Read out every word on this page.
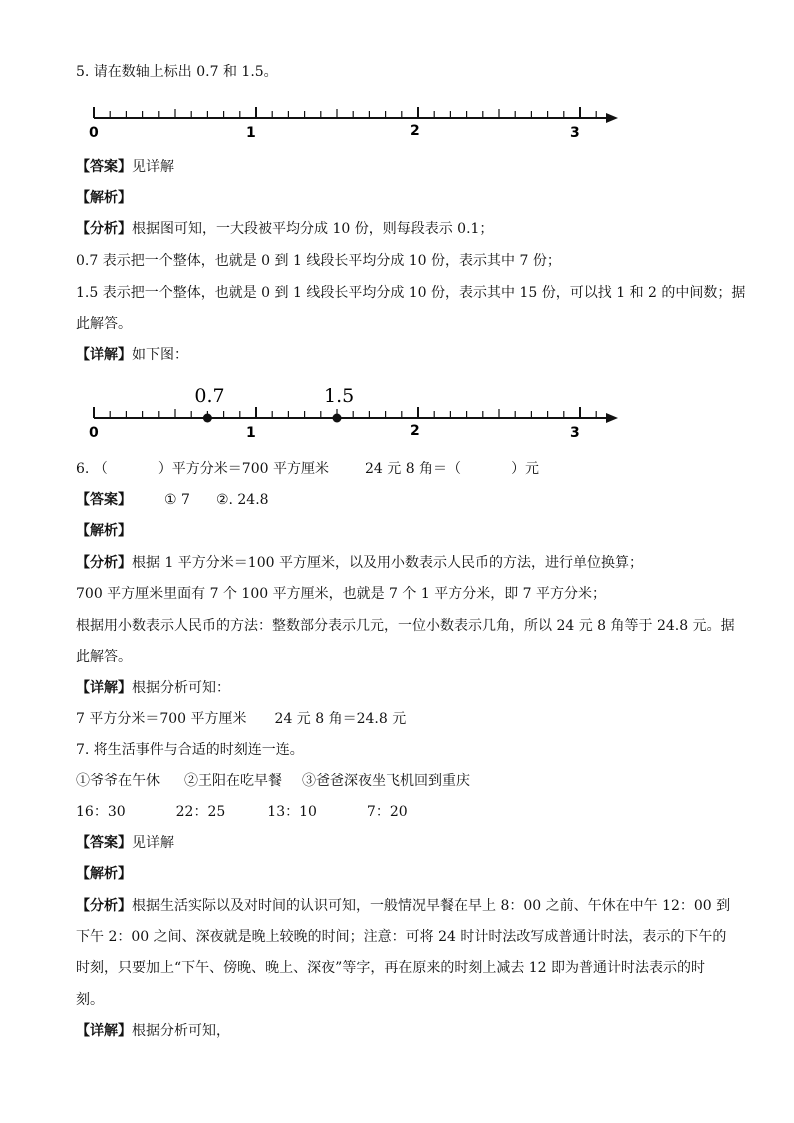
5. 请在数轴上标出 0.7 和 1.5。
0	1	2	3
【答案】见详解
【解析】
【分析】根据图可知，一大段被平均分成 10 份，则每段表示 0.1；
0.7 表示把一个整体，也就是 0 到 1 线段长平均分成 10 份，表示其中 7 份；
1.5 表示把一个整体，也就是 0 到 1 线段长平均分成 10 份，表示其中 15 份，可以找 1 和 2 的中间数；据
此解答。
【详解】如下图：
0.7	1.5
0	1	2	3
6. （	）平方分米＝700 平方厘米	24 元 8 角＝（	）元
【答案】 ① 7 ②. 24.8
【解析】
【分析】根据 1 平方分米＝100 平方厘米，以及用小数表示人民币的方法，进行单位换算；
700 平方厘米里面有 7 个 100 平方厘米，也就是 7 个 1 平方分米，即 7 平方分米；
根据用小数表示人民币的方法：整数部分表示几元，一位小数表示几角，所以 24 元 8 角等于 24.8 元。据
此解答。
【详解】根据分析可知：
7 平方分米＝700 平方厘米 24 元 8 角＝24.8 元
7. 将生活事件与合适的时刻连一连。
①爷爷在午休 ②王阳在吃早餐 ③爸爸深夜坐飞机回到重庆
16：30	22：25	13：10	7：20
【答案】见详解
【解析】
【分析】根据生活实际以及对时间的认识可知，一般情况早餐在早上 8：00 之前、午休在中午 12：00 到
下午 2：00 之间、深夜就是晚上较晚的时间；注意：可将 24 时计时法改写成普通计时法，表示的下午的
时刻，只要加上“下午、傍晚、晚上、深夜”等字，再在原来的时刻上减去 12 即为普通计时法表示的时
刻。
【详解】根据分析可知，
